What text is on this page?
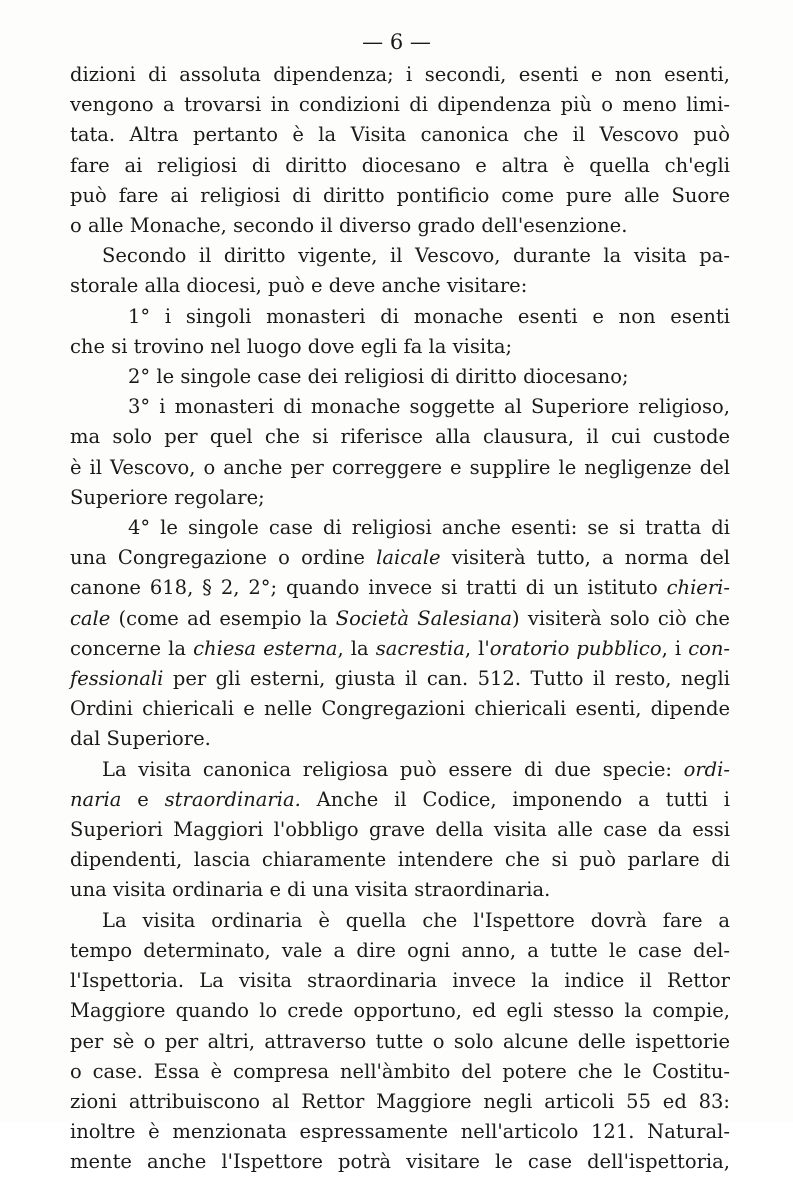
— 6 —
dizioni di assoluta dipendenza; i secondi, esenti e non esenti,
vengono a trovarsi in condizioni di dipendenza più o meno limi-
tata. Altra pertanto è la Visita canonica che il Vescovo può
fare ai religiosi di diritto diocesano e altra è quella ch'egli
può fare ai religiosi di diritto pontificio come pure alle Suore
o alle Monache, secondo il diverso grado dell'esenzione.
Secondo il diritto vigente, il Vescovo, durante la visita pa-
storale alla diocesi, può e deve anche visitare:
1° i singoli monasteri di monache esenti e non esenti
che si trovino nel luogo dove egli fa la visita;
2° le singole case dei religiosi di diritto diocesano;
3° i monasteri di monache soggette al Superiore religioso,
ma solo per quel che si riferisce alla clausura, il cui custode
è il Vescovo, o anche per correggere e supplire le negligenze del
Superiore regolare;
4° le singole case di religiosi anche esenti: se si tratta di
una Congregazione o ordine laicale visiterà tutto, a norma del
canone 618, § 2, 2°; quando invece si tratti di un istituto chieri-
cale (come ad esempio la Società Salesiana) visiterà solo ciò che
concerne la chiesa esterna, la sacrestia, l'oratorio pubblico, i con-
fessionali per gli esterni, giusta il can. 512. Tutto il resto, negli
Ordini chiericali e nelle Congregazioni chiericali esenti, dipende
dal Superiore.
La visita canonica religiosa può essere di due specie: ordi-
naria e straordinaria. Anche il Codice, imponendo a tutti i
Superiori Maggiori l'obbligo grave della visita alle case da essi
dipendenti, lascia chiaramente intendere che si può parlare di
una visita ordinaria e di una visita straordinaria.
La visita ordinaria è quella che l'Ispettore dovrà fare a
tempo determinato, vale a dire ogni anno, a tutte le case del-
l'Ispettoria. La visita straordinaria invece la indice il Rettor
Maggiore quando lo crede opportuno, ed egli stesso la compie,
per sè o per altri, attraverso tutte o solo alcune delle ispettorie
o case. Essa è compresa nell'àmbito del potere che le Costitu-
zioni attribuiscono al Rettor Maggiore negli articoli 55 ed 83:
inoltre è menzionata espressamente nell'articolo 121. Natural-
mente anche l'Ispettore potrà visitare le case dell'ispettoria,
